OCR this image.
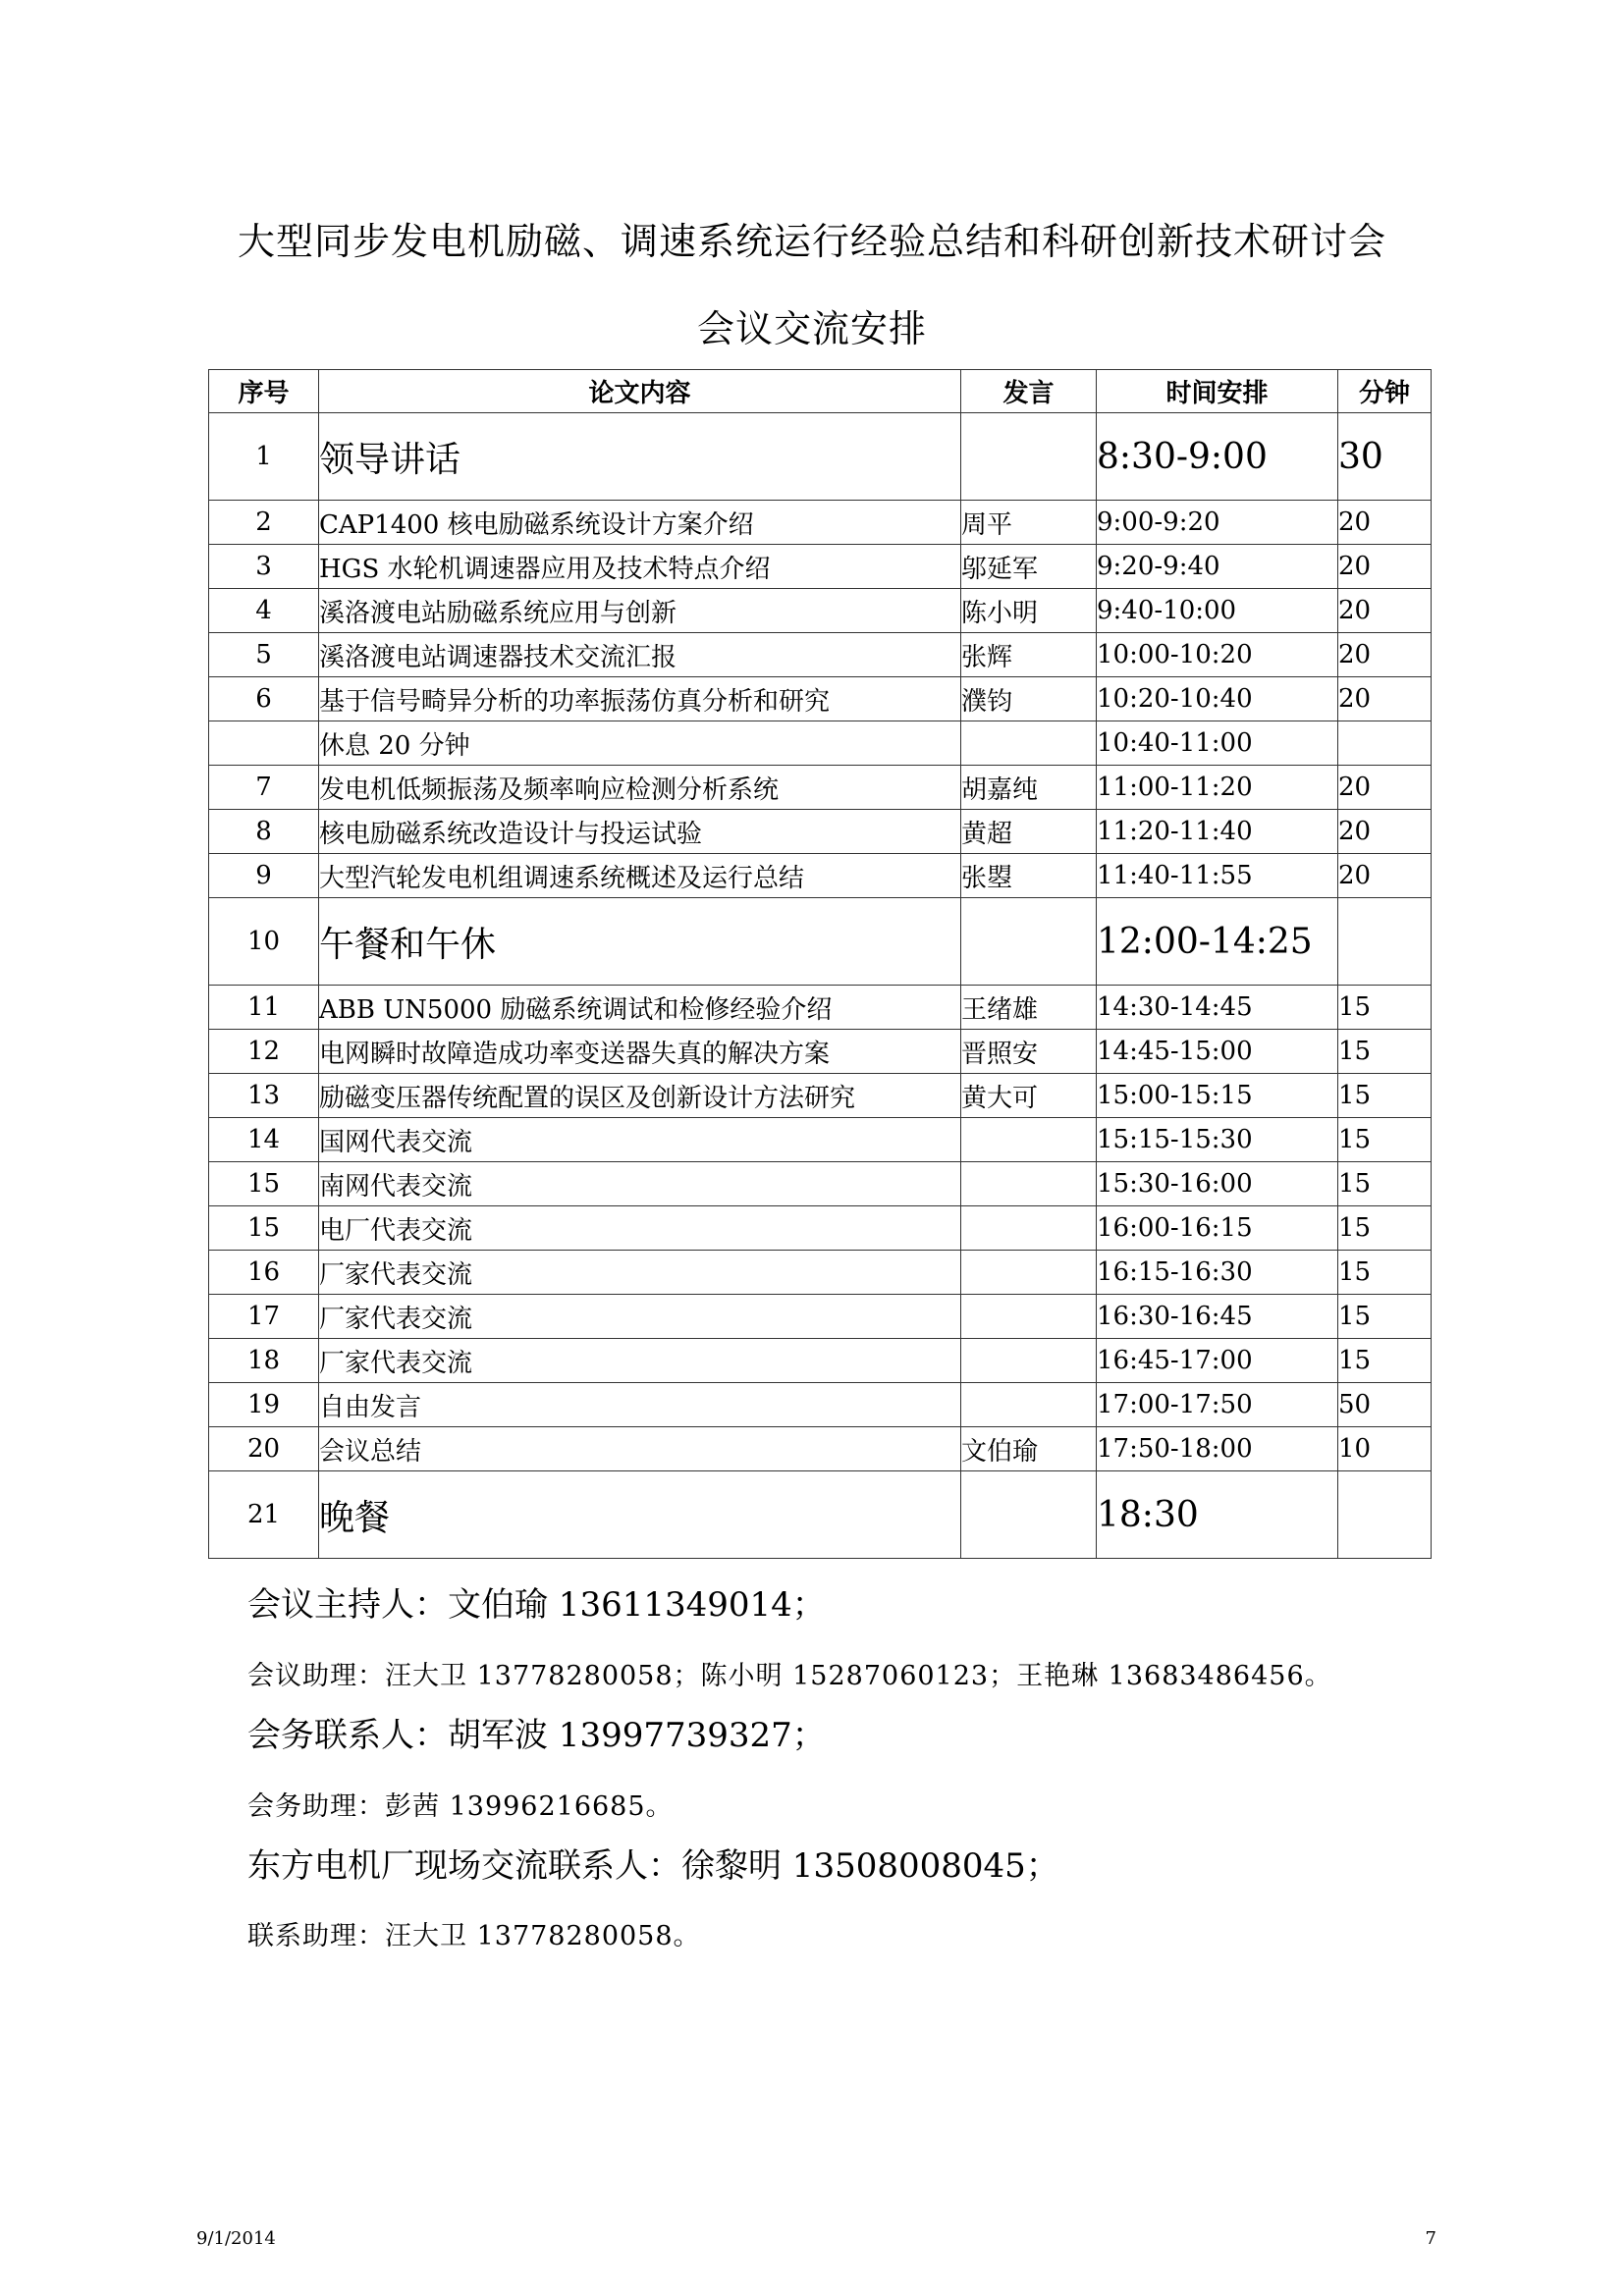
大型同步发电机励磁、调速系统运行经验总结和科研创新技术研讨会
会议交流安排
序号	论文内容	发言	时间安排	分钟
1	领导讲话		8:30-9:00	30
2	CAP1400 核电励磁系统设计方案介绍	周平	9:00-9:20	20
3	HGS 水轮机调速器应用及技术特点介绍	邬延军	9:20-9:40	20
4	溪洛渡电站励磁系统应用与创新	陈小明	9:40-10:00	20
5	溪洛渡电站调速器技术交流汇报	张辉	10:00-10:20	20
6	基于信号畸异分析的功率振荡仿真分析和研究	濮钧	10:20-10:40	20
	休息 20 分钟		10:40-11:00	
7	发电机低频振荡及频率响应检测分析系统	胡嘉纯	11:00-11:20	20
8	核电励磁系统改造设计与投运试验	黄超	11:20-11:40	20
9	大型汽轮发电机组调速系统概述及运行总结	张曌	11:40-11:55	20
10	午餐和午休		12:00-14:25	
11	ABB UN5000 励磁系统调试和检修经验介绍	王绪雄	14:30-14:45	15
12	电网瞬时故障造成功率变送器失真的解决方案	晋照安	14:45-15:00	15
13	励磁变压器传统配置的误区及创新设计方法研究	黄大可	15:00-15:15	15
14	国网代表交流		15:15-15:30	15
15	南网代表交流		15:30-16:00	15
15	电厂代表交流		16:00-16:15	15
16	厂家代表交流		16:15-16:30	15
17	厂家代表交流		16:30-16:45	15
18	厂家代表交流		16:45-17:00	15
19	自由发言		17:00-17:50	50
20	会议总结	文伯瑜	17:50-18:00	10
21	晚餐		18:30	
会议主持人：文伯瑜 13611349014；
会议助理：汪大卫 13778280058；陈小明 15287060123；王艳琳 13683486456。
会务联系人：胡军波 13997739327；
会务助理：彭茜 13996216685。
东方电机厂现场交流联系人：徐黎明 13508008045；
联系助理：汪大卫 13778280058。
9/1/2014	7
